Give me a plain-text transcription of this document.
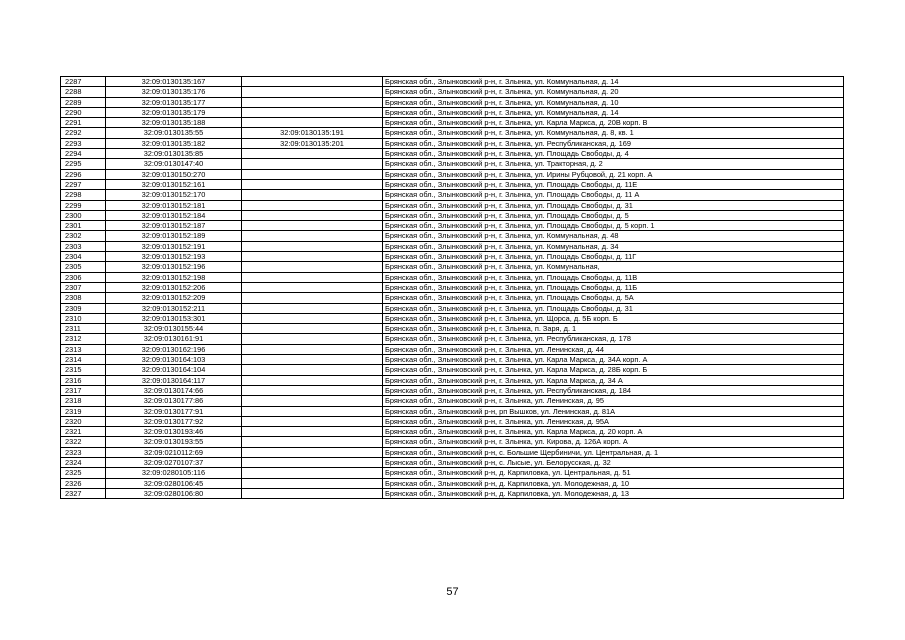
2287	32:09:0130135:167		Брянская обл., Злынковский р-н, г. Злынка, ул. Коммунальная, д. 14
2288	32:09:0130135:176		Брянская обл., Злынковский р-н, г. Злынка, ул. Коммунальная, д. 20
2289	32:09:0130135:177		Брянская обл., Злынковский р-н, г. Злынка, ул. Коммунальная, д. 10
2290	32:09:0130135:179		Брянская обл., Злынковский р-н, г. Злынка, ул. Коммунальная, д. 14
2291	32:09:0130135:188		Брянская обл., Злынковский р-н, г. Злынка, ул. Карла Маркса, д. 20В корп. В
2292	32:09:0130135:55	32:09:0130135:191	Брянская обл., Злынковский р-н, г. Злынка, ул. Коммунальная, д. 8, кв. 1
2293	32:09:0130135:182	32:09:0130135:201	Брянская обл., Злынковский р-н, г. Злынка, ул. Республиканская, д. 169
2294	32:09:0130135:85		Брянская обл., Злынковский р-н, г. Злынка, ул. Площадь Свободы, д. 4
2295	32:09:0130147:40		Брянская обл., Злынковский р-н, г. Злынка, ул. Тракторная, д. 2
2296	32:09:0130150:270		Брянская обл., Злынковский р-н, г. Злынка, ул. Ирины Рубцовой, д. 21 корп. А
2297	32:09:0130152:161		Брянская обл., Злынковский р-н, г. Злынка, ул. Площадь Свободы, д. 11Е
2298	32:09:0130152:170		Брянская обл., Злынковский р-н, г. Злынка, ул. Площадь Свободы, д. 11 А
2299	32:09:0130152:181		Брянская обл., Злынковский р-н, г. Злынка, ул. Площадь Свободы, д. 31
2300	32:09:0130152:184		Брянская обл., Злынковский р-н, г. Злынка, ул. Площадь Свободы, д. 5
2301	32:09:0130152:187		Брянская обл., Злынковский р-н, г. Злынка, ул. Площадь Свободы, д. 5 корп. 1
2302	32:09:0130152:189		Брянская обл., Злынковский р-н, г. Злынка, ул. Коммунальная, д. 48
2303	32:09:0130152:191		Брянская обл., Злынковский р-н, г. Злынка, ул. Коммунальная, д. 34
2304	32:09:0130152:193		Брянская обл., Злынковский р-н, г. Злынка, ул. Площадь Свободы, д. 11Г
2305	32:09:0130152:196		Брянская обл., Злынковский р-н, г. Злынка, ул. Коммунальная,
2306	32:09:0130152:198		Брянская обл., Злынковский р-н, г. Злынка, ул. Площадь Свободы, д. 11В
2307	32:09:0130152:206		Брянская обл., Злынковский р-н, г. Злынка, ул. Площадь Свободы, д. 11Б
2308	32:09:0130152:209		Брянская обл., Злынковский р-н, г. Злынка, ул. Площадь Свободы, д. 5А
2309	32:09:0130152:211		Брянская обл., Злынковский р-н, г. Злынка, ул. Площадь Свободы, д. 31
2310	32:09:0130153:301		Брянская обл., Злынковский р-н, г. Злынка, ул. Щорса, д. 5Б корп. Б
2311	32:09:0130155:44		Брянская обл., Злынковский р-н, г. Злынка, п. Заря, д. 1
2312	32:09:0130161:91		Брянская обл., Злынковский р-н, г. Злынка, ул. Республиканская, д. 178
2313	32:09:0130162:196		Брянская обл., Злынковский р-н, г. Злынка, ул. Ленинская, д. 44
2314	32:09:0130164:103		Брянская обл., Злынковский р-н, г. Злынка, ул. Карла Маркса, д. 34А корп. А
2315	32:09:0130164:104		Брянская обл., Злынковский р-н, г. Злынка, ул. Карла Маркса, д. 28Б корп. Б
2316	32:09:0130164:117		Брянская обл., Злынковский р-н, г. Злынка, ул. Карла Маркса, д. 34 А
2317	32:09:0130174:66		Брянская обл., Злынковский р-н, г. Злынка, ул. Республиканская, д. 184
2318	32:09:0130177:86		Брянская обл., Злынковский р-н, г. Злынка, ул. Ленинская, д. 95
2319	32:09:0130177:91		Брянская обл., Злынковский р-н, рп Вышков, ул. Ленинская, д. 81А
2320	32:09:0130177:92		Брянская обл., Злынковский р-н, г. Злынка, ул. Ленинская, д. 95А
2321	32:09:0130193:46		Брянская обл., Злынковский р-н, г. Злынка, ул. Карла Маркса, д. 20 корп. А
2322	32:09:0130193:55		Брянская обл., Злынковский р-н, г. Злынка, ул. Кирова, д. 126А корп. А
2323	32:09:0210112:69		Брянская обл., Злынковский р-н, с. Большие Щербиничи, ул. Центральная, д. 1
2324	32:09:0270107:37		Брянская обл., Злынковский р-н, с. Лысые, ул. Белорусская, д. 32
2325	32:09:0280105:116		Брянская обл., Злынковский р-н, д. Карпиловка, ул. Центральная, д. 51
2326	32:09:0280106:45		Брянская обл., Злынковский р-н, д. Карпиловка, ул. Молодежная, д. 10
2327	32:09:0280106:80		Брянская обл., Злынковский р-н, д. Карпиловка, ул. Молодежная, д. 13
57
